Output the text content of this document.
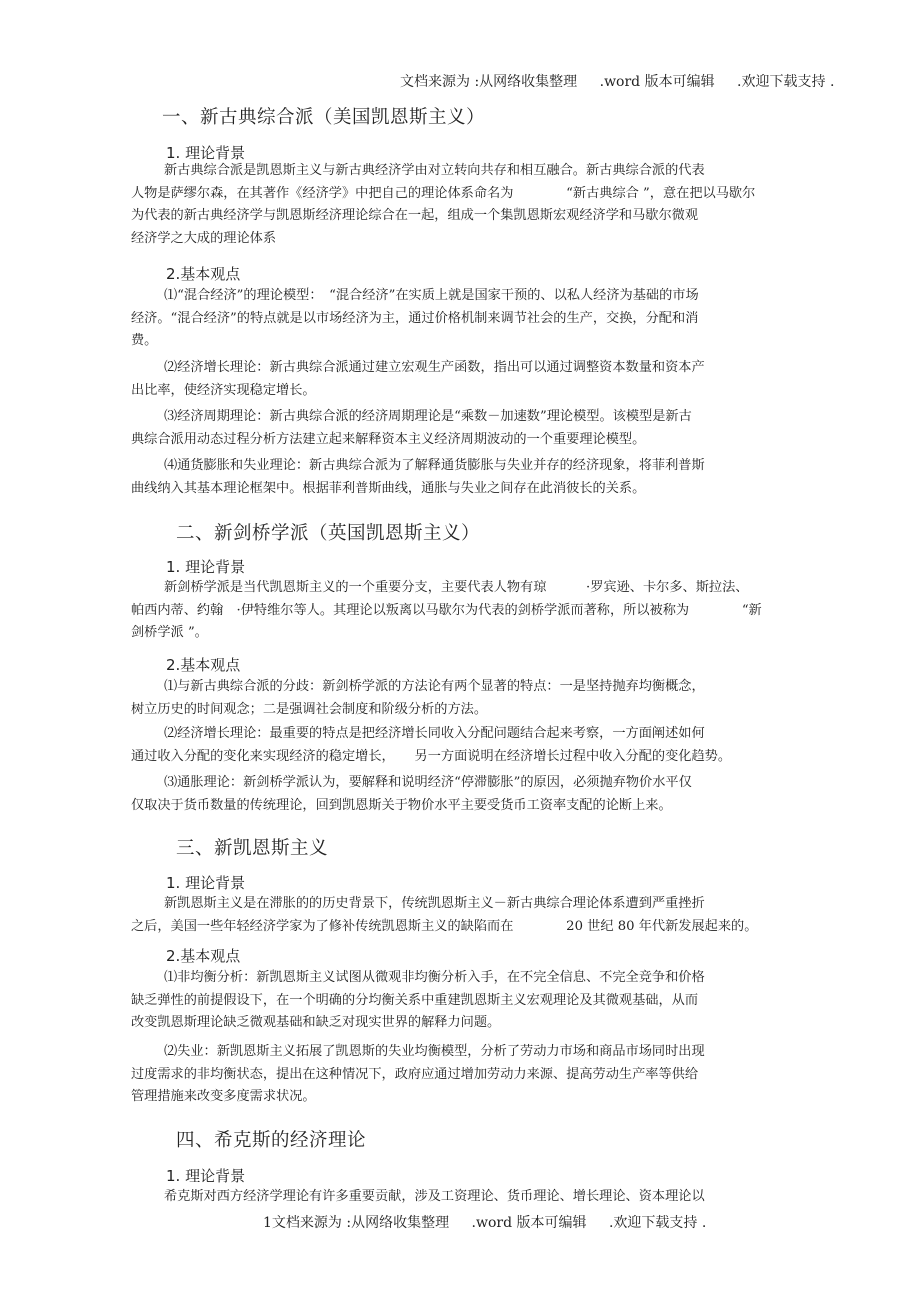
文档来源为 :从网络收集整理 .word 版本可编辑 .欢迎下载支持 .
一、新古典综合派（美国凯恩斯主义）
1. 理论背景
新古典综合派是凯恩斯主义与新古典经济学由对立转向共存和相互融合。新古典综合派的代表
人物是萨缪尔森，在其著作《经济学》中把自己的理论体系命名为　　　　“新古典综合 ”，意在把以马歇尔
为代表的新古典经济学与凯恩斯经济理论综合在一起，组成一个集凯恩斯宏观经济学和马歇尔微观
经济学之大成的理论体系
2.基本观点
⑴“混合经济”的理论模型：　“混合经济”在实质上就是国家干预的、以私人经济为基础的市场
经济。“混合经济”的特点就是以市场经济为主，通过价格机制来调节社会的生产，交换，分配和消
费。
⑵经济增长理论：新古典综合派通过建立宏观生产函数，指出可以通过调整资本数量和资本产
出比率，使经济实现稳定增长。
⑶经济周期理论：新古典综合派的经济周期理论是“乘数－加速数”理论模型。该模型是新古
典综合派用动态过程分析方法建立起来解释资本主义经济周期波动的一个重要理论模型。
⑷通货膨胀和失业理论：新古典综合派为了解释通货膨胀与失业并存的经济现象，将菲利普斯
曲线纳入其基本理论框架中。根据菲利普斯曲线，通胀与失业之间存在此消彼长的关系。
二、新剑桥学派（英国凯恩斯主义）
1. 理论背景
新剑桥学派是当代凯恩斯主义的一个重要分支，主要代表人物有琼　　　·罗宾逊、卡尔多、斯拉法、
帕西内蒂、约翰　·伊特维尔等人。其理论以叛离以马歇尔为代表的剑桥学派而著称，所以被称为　　　　“新
剑桥学派 ”。
2.基本观点
⑴与新古典综合派的分歧：新剑桥学派的方法论有两个显著的特点：一是坚持抛弃均衡概念，
树立历史的时间观念；二是强调社会制度和阶级分析的方法。
⑵经济增长理论：最重要的特点是把经济增长同收入分配问题结合起来考察，一方面阐述如何
通过收入分配的变化来实现经济的稳定增长，　　另一方面说明在经济增长过程中收入分配的变化趋势。
⑶通胀理论：新剑桥学派认为，要解释和说明经济“停滞膨胀”的原因，必须抛弃物价水平仅
仅取决于货币数量的传统理论，回到凯恩斯关于物价水平主要受货币工资率支配的论断上来。
三、新凯恩斯主义
1. 理论背景
新凯恩斯主义是在滞胀的的历史背景下，传统凯恩斯主义－新古典综合理论体系遭到严重挫折
之后，美国一些年轻经济学家为了修补传统凯恩斯主义的缺陷而在　　　　20 世纪 80 年代新发展起来的。
2.基本观点
⑴非均衡分析：新凯恩斯主义试图从微观非均衡分析入手，在不完全信息、不完全竞争和价格
缺乏弹性的前提假设下，在一个明确的分均衡关系中重建凯恩斯主义宏观理论及其微观基础，从而
改变凯恩斯理论缺乏微观基础和缺乏对现实世界的解释力问题。
⑵失业：新凯恩斯主义拓展了凯恩斯的失业均衡模型，分析了劳动力市场和商品市场同时出现
过度需求的非均衡状态，提出在这种情况下，政府应通过增加劳动力来源、提高劳动生产率等供给
管理措施来改变多度需求状况。
四、希克斯的经济理论
1. 理论背景
希克斯对西方经济学理论有许多重要贡献，涉及工资理论、货币理论、增长理论、资本理论以
1文档来源为 :从网络收集整理 .word 版本可编辑 .欢迎下载支持 .
